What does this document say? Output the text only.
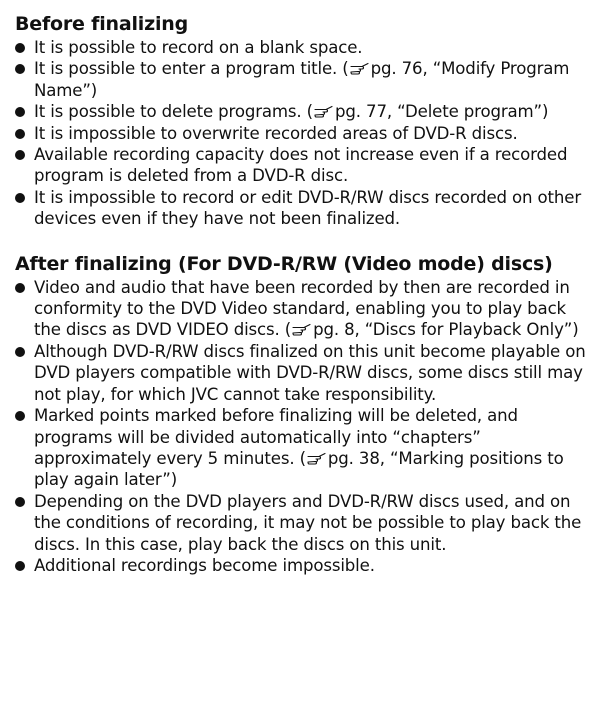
Before finalizing
It is possible to record on a blank space.
It is possible to enter a program title. ( pg. 76, “Modify Program Name”)
It is possible to delete programs. ( pg. 77, “Delete program”)
It is impossible to overwrite recorded areas of DVD-R discs.
Available recording capacity does not increase even if a recorded program is deleted from a DVD-R disc.
It is impossible to record or edit DVD-R/RW discs recorded on other devices even if they have not been finalized.
After finalizing (For DVD-R/RW (Video mode) discs)
Video and audio that have been recorded by then are recorded in conformity to the DVD Video standard, enabling you to play back the discs as DVD VIDEO discs. ( pg. 8, “Discs for Playback Only”)
Although DVD-R/RW discs finalized on this unit become playable on DVD players compatible with DVD-R/RW discs, some discs still may not play, for which JVC cannot take responsibility.
Marked points marked before finalizing will be deleted, and programs will be divided automatically into “chapters” approximately every 5 minutes. ( pg. 38, “Marking positions to play again later”)
Depending on the DVD players and DVD-R/RW discs used, and on the conditions of recording, it may not be possible to play back the discs. In this case, play back the discs on this unit.
Additional recordings become impossible.
